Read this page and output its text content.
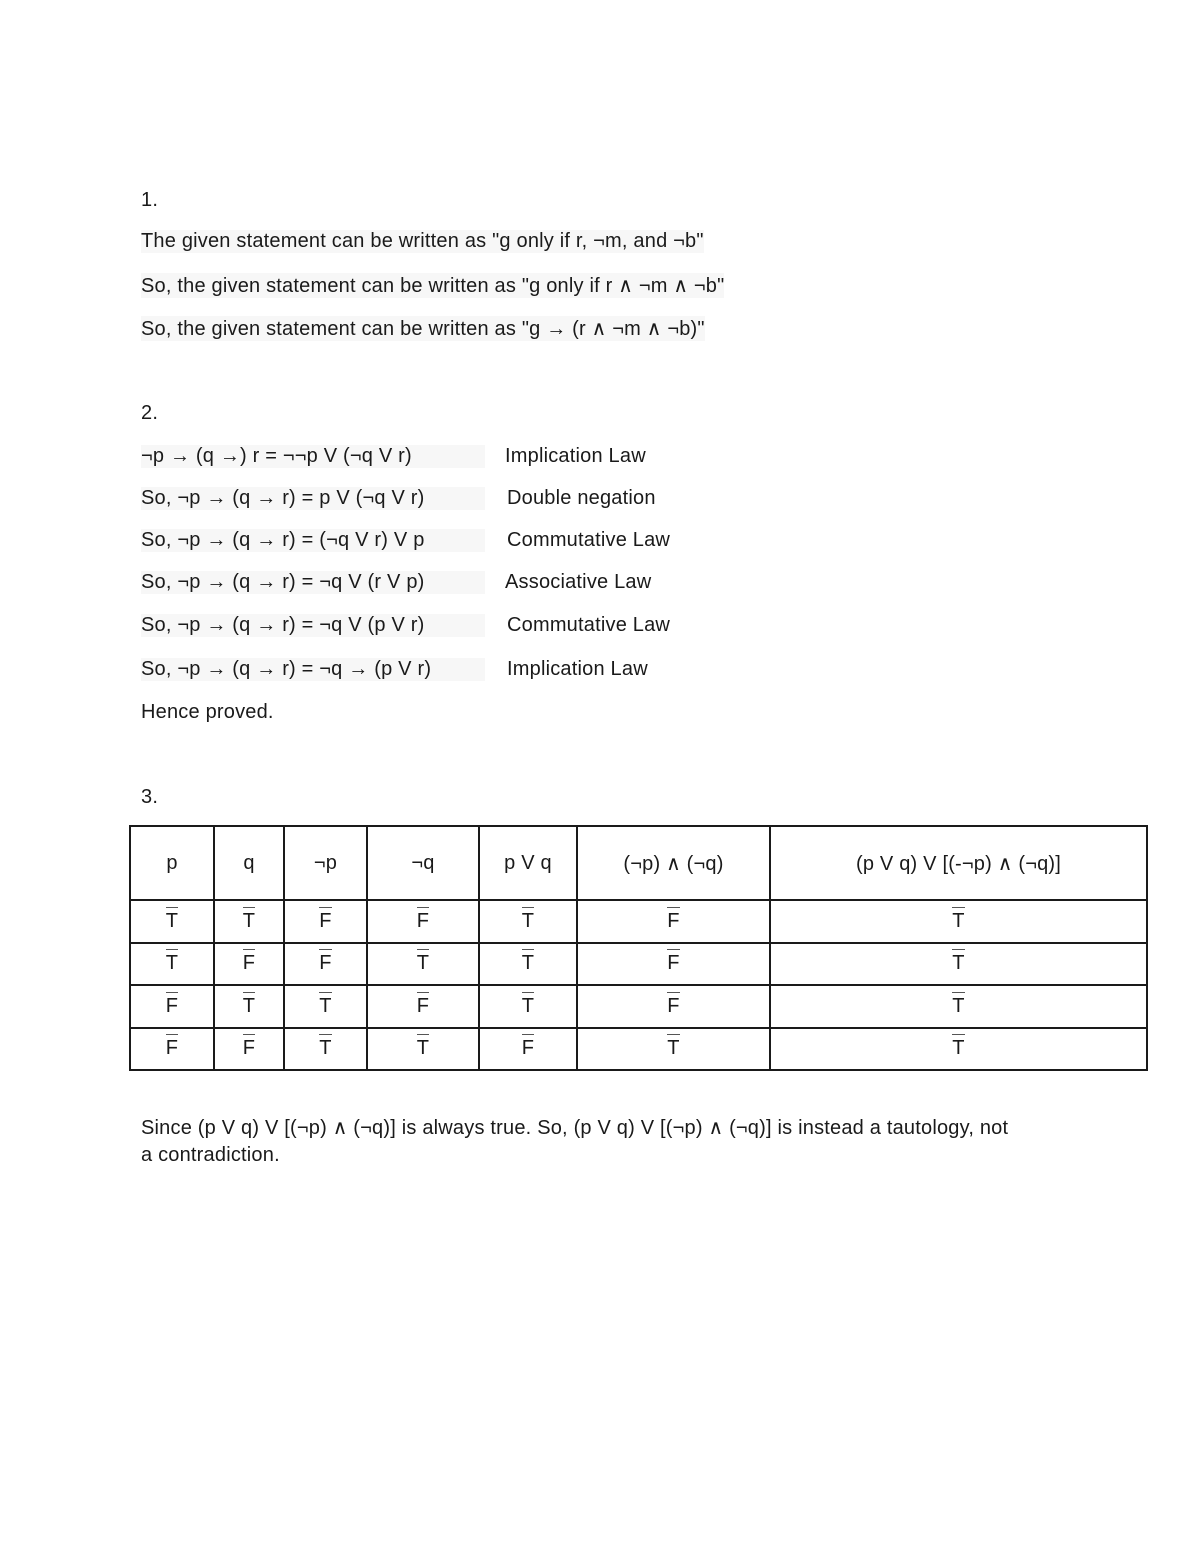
1.
The given statement can be written as "g only if r, ¬m, and ¬b"
So, the given statement can be written as "g only if r ∧ ¬m ∧ ¬b"
So, the given statement can be written as "g → (r ∧ ¬m ∧ ¬b)"
2.
¬p → (q →) r = ¬¬p V (¬q V r)	Implication Law
So, ¬p → (q → r) = p V (¬q V r)	Double negation
So, ¬p → (q → r) = (¬q V r) V p	Commutative Law
So, ¬p → (q → r) = ¬q V (r V p)	Associative Law
So, ¬p → (q → r) = ¬q V (p V r)	Commutative Law
So, ¬p → (q → r) = ¬q → (p V r)	Implication Law
Hence proved.
3.
p	q	¬p	¬q	p V q	(¬p) ∧ (¬q)	(p V q) V [(-¬p) ∧ (¬q)]
T	T	F	F	T	F	T
T	F	F	T	T	F	T
F	T	T	F	T	F	T
F	F	T	T	F	T	T
Since (p V q) V [(¬p) ∧ (¬q)] is always true. So, (p V q) V [(¬p) ∧ (¬q)] is instead a tautology, not
a contradiction.
